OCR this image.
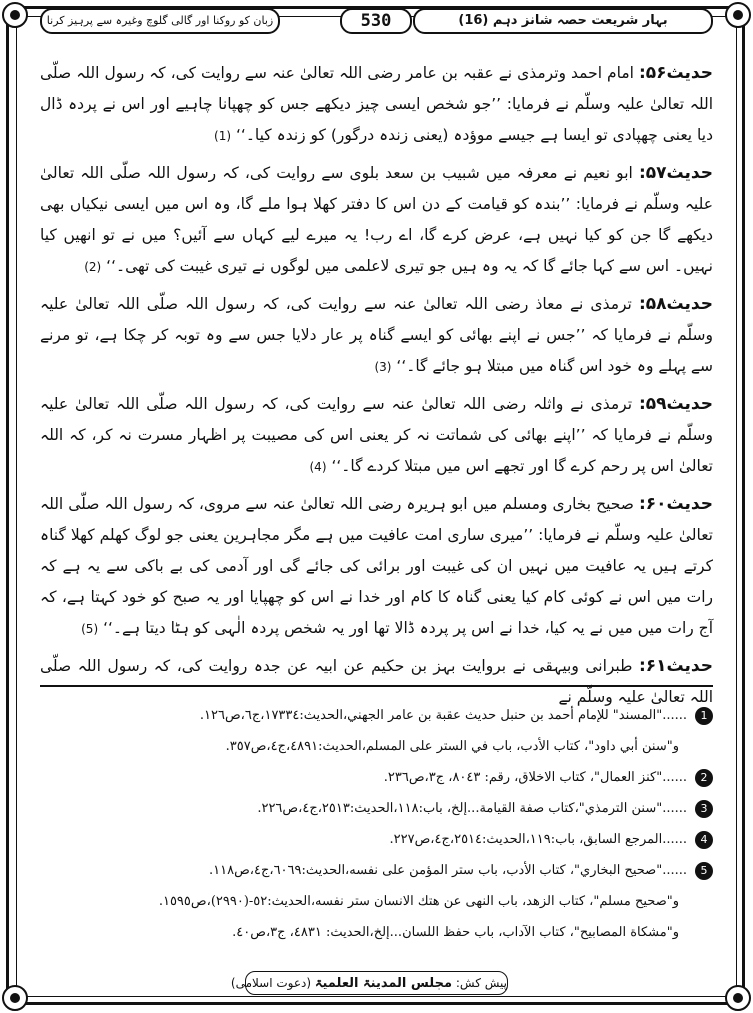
بہار شریعت حصہ شانز دہم (16)
530
زبان کو روکنا اور گالی گلوچ وغیرہ سے پرہیز کرنا

حدیث۵۶: امام احمد وترمذی نے عقبہ بن عامر رضی اللہ تعالیٰ عنہ سے روایت کی، کہ رسول اللہ صلّی اللہ تعالیٰ علیہ وسلّم نے فرمایا: ’’جو شخص ایسی چیز دیکھے جس کو چھپانا چاہیے اور اس نے پردہ ڈال دیا یعنی چھپادی تو ایسا ہے جیسے موؤدہ (یعنی زندہ درگور) کو زندہ کیا۔‘‘ (1)

حدیث۵۷: ابو نعیم نے معرفہ میں شبیب بن سعد بلوی سے روایت کی، کہ رسول اللہ صلّی اللہ تعالیٰ علیہ وسلّم نے فرمایا: ’’بندہ کو قیامت کے دن اس کا دفتر کھلا ہوا ملے گا، وہ اس میں ایسی نیکیاں بھی دیکھے گا جن کو کیا نہیں ہے، عرض کرے گا، اے رب! یہ میرے لیے کہاں سے آئیں؟ میں نے تو انھیں کیا نہیں۔ اس سے کہا جائے گا کہ یہ وہ ہیں جو تیری لاعلمی میں لوگوں نے تیری غیبت کی تھی۔‘‘ (2)

حدیث۵۸: ترمذی نے معاذ رضی اللہ تعالیٰ عنہ سے روایت کی، کہ رسول اللہ صلّی اللہ تعالیٰ علیہ وسلّم نے فرمایا کہ ’’جس نے اپنے بھائی کو ایسے گناہ پر عار دلایا جس سے وہ توبہ کر چکا ہے، تو مرنے سے پہلے وہ خود اس گناہ میں مبتلا ہو جائے گا۔‘‘ (3)

حدیث۵۹: ترمذی نے واثلہ رضی اللہ تعالیٰ عنہ سے روایت کی، کہ رسول اللہ صلّی اللہ تعالیٰ علیہ وسلّم نے فرمایا کہ ’’اپنے بھائی کی شماتت نہ کر یعنی اس کی مصیبت پر اظہار مسرت نہ کر، کہ اللہ تعالیٰ اس پر رحم کرے گا اور تجھے اس میں مبتلا کردے گا۔‘‘ (4)

حدیث۶۰: صحیح بخاری ومسلم میں ابو ہریرہ رضی اللہ تعالیٰ عنہ سے مروی، کہ رسول اللہ صلّی اللہ تعالیٰ علیہ وسلّم نے فرمایا: ’’میری ساری امت عافیت میں ہے مگر مجاہرین یعنی جو لوگ کھلم کھلا گناہ کرتے ہیں یہ عافیت میں نہیں ان کی غیبت اور برائی کی جائے گی اور آدمی کی بے باکی سے یہ ہے کہ رات میں اس نے کوئی کام کیا یعنی گناہ کا کام اور خدا نے اس کو چھپایا اور یہ صبح کو خود کہتا ہے، کہ آج رات میں میں نے یہ کیا، خدا نے اس پر پردہ ڈالا تھا اور یہ شخص پردہ الٰہی کو ہٹا دیتا ہے۔‘‘ (5)

حدیث۶۱: طبرانی وبیہقی نے بروایت بہز بن حکیم عن ابیہ عن جدہ روایت کی، کہ رسول اللہ صلّی اللہ تعالیٰ علیہ وسلّم نے

1......"المسند" للإمام أحمد بن حنبل حديث عقبة بن عامر الجهني،الحديث:١٧٣٣٤،ج٦،ص١٢٦.
و"سنن أبي داود"، كتاب الأدب، باب في الستر على المسلم،الحديث:٤٨٩١،ج٤،ص٣٥٧.
2......"كنز العمال"، كتاب الاخلاق، رقم: ٨٠٤٣، ج٣،ص٢٣٦.
3......"سنن الترمذي"،كتاب صفة القيامة...إلخ، باب:١١٨،الحديث:٢٥١٣،ج٤،ص٢٢٦.
4......المرجع السابق، باب:١١٩،الحديث:٢٥١٤،ج٤،ص٢٢٧.
5......"صحيح البخاري"، كتاب الأدب، باب ستر المؤمن على نفسه،الحديث:٦٠٦٩،ج٤،ص١١٨.
و"صحيح مسلم"، كتاب الزهد، باب النهى عن هتك الانسان ستر نفسه،الحديث:٥٢-(٢٩٩٠)،ص١٥٩٥.
و"مشكاة المصابيح"، كتاب الآداب، باب حفظ اللسان...إلخ،الحديث: ٤٨٣١، ج٣،ص٤٠.
پیش کش: مجلس المدینۃ العلمیۃ (دعوت اسلامی)
